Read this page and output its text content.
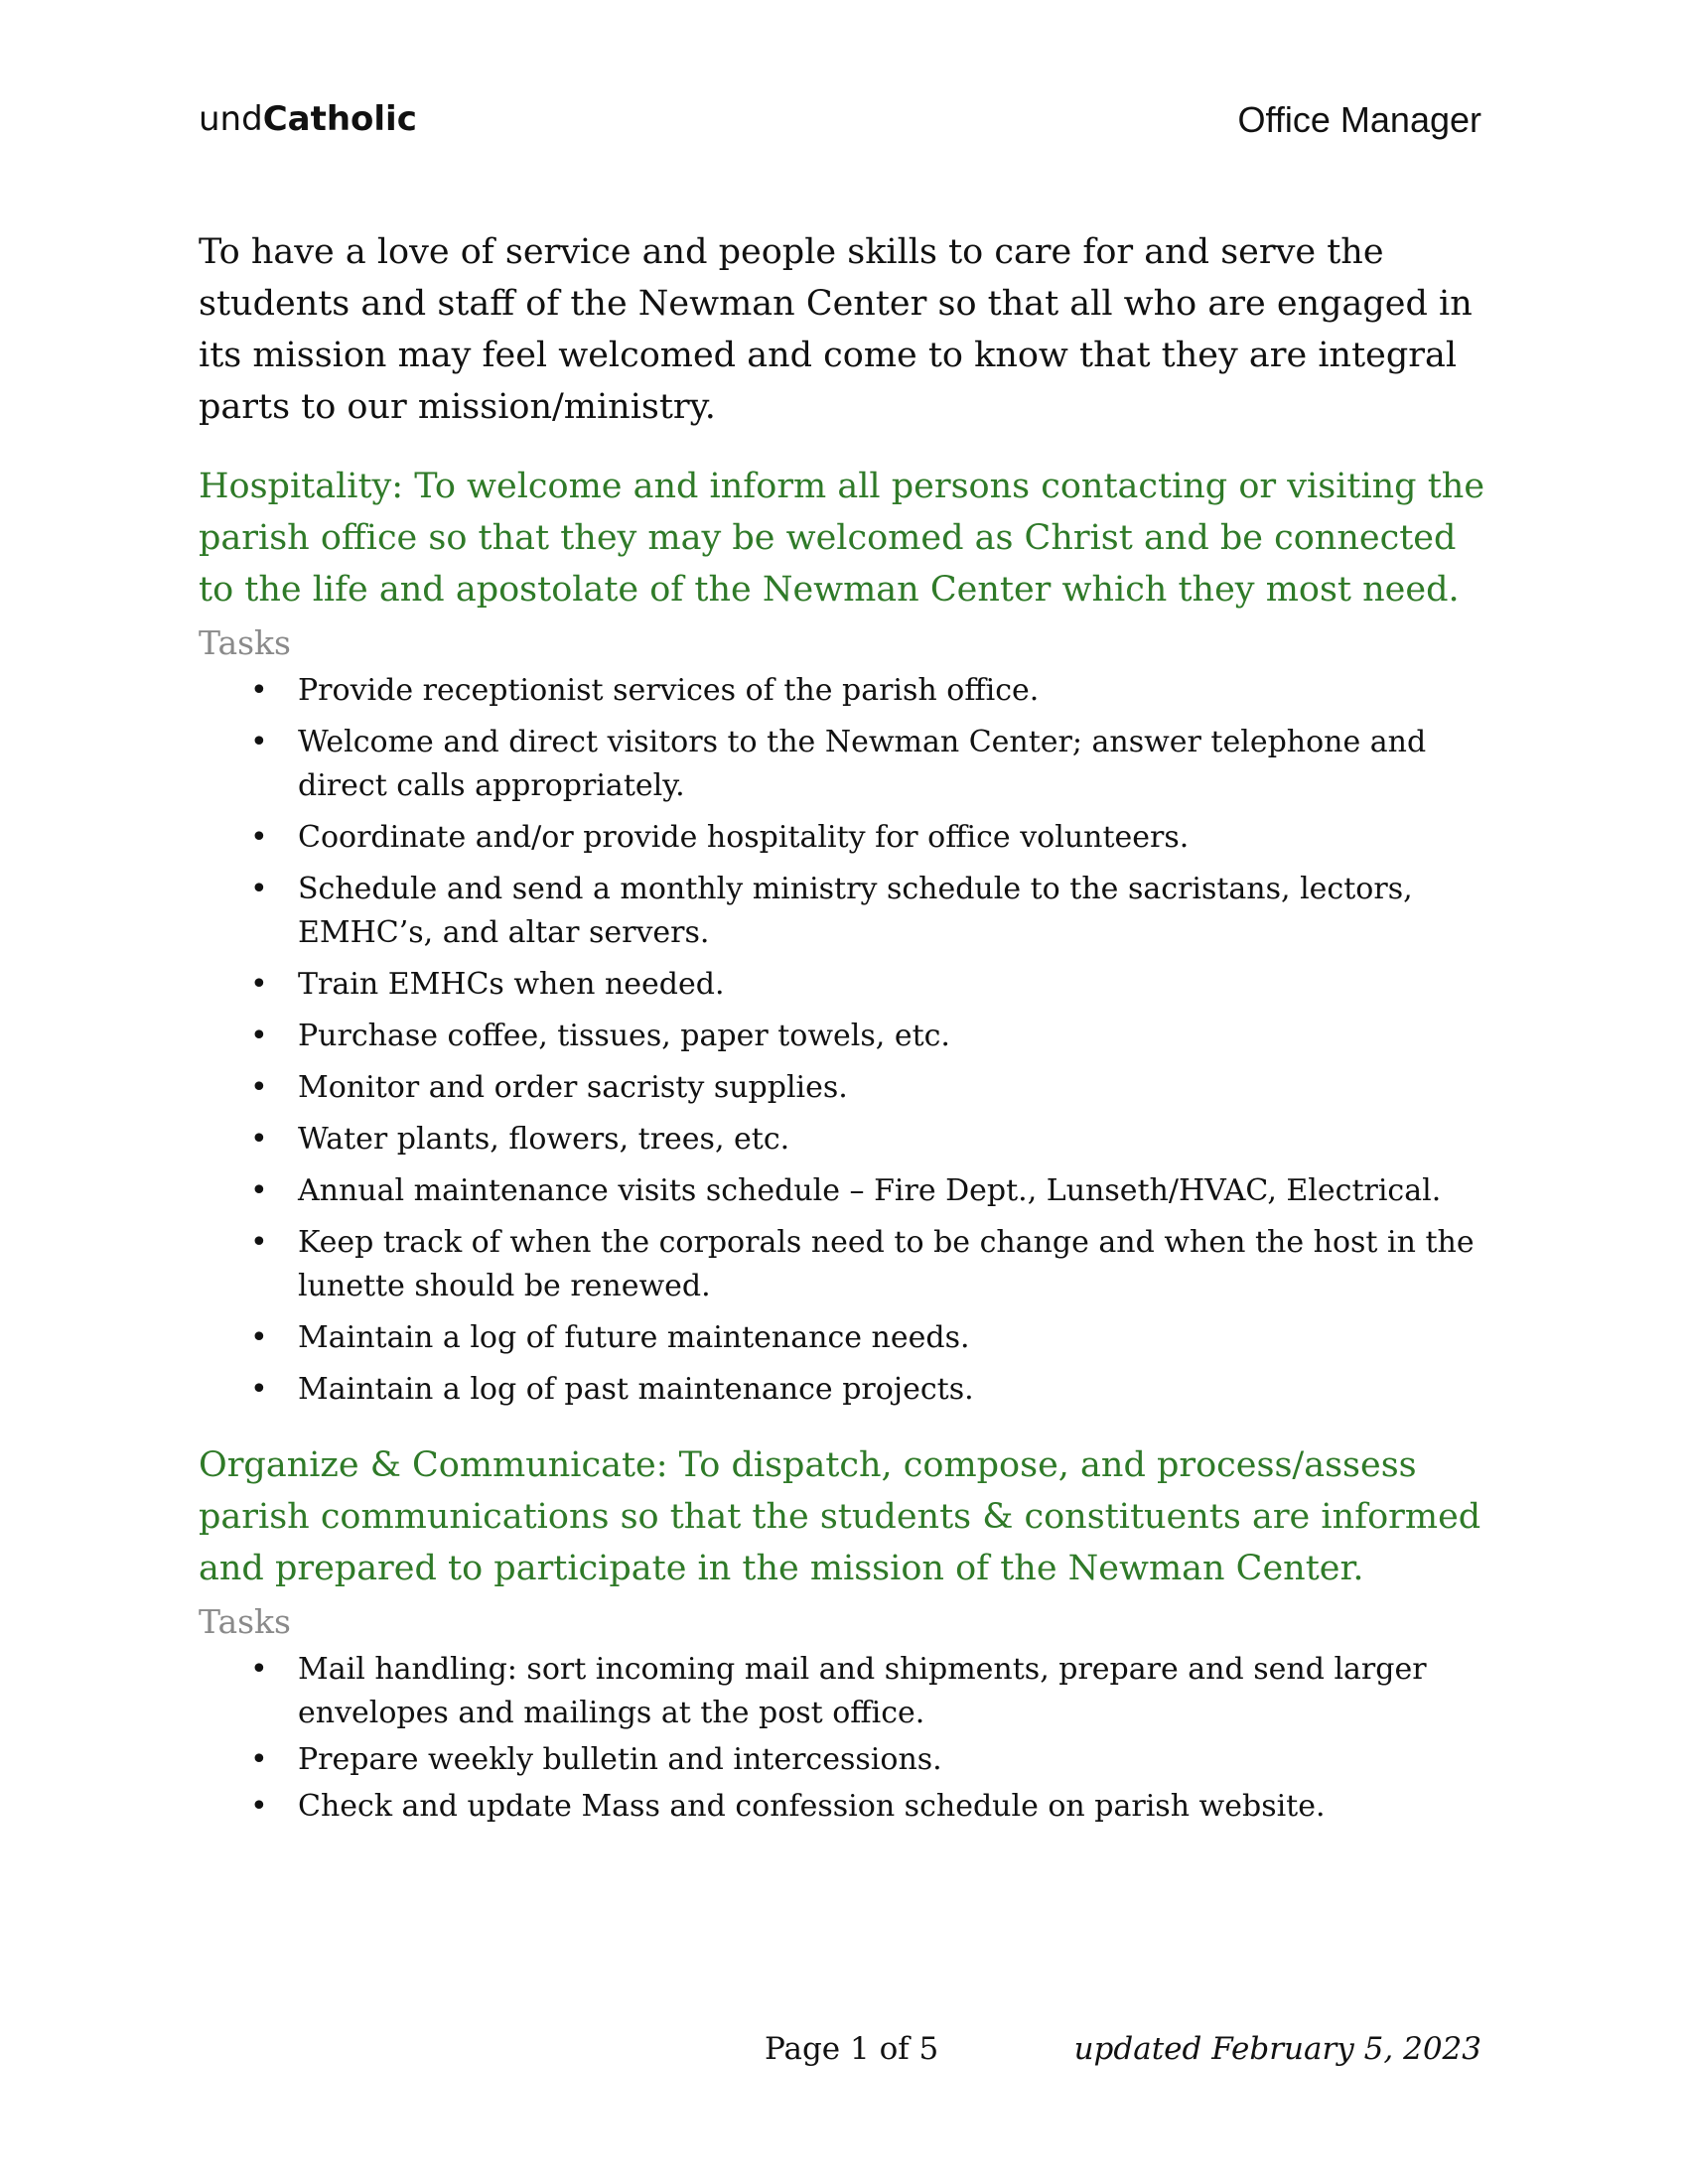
undCatholic	Office Manager

To have a love of service and people skills to care for and serve the students and staff of the Newman Center so that all who are engaged in its mission may feel welcomed and come to know that they are integral parts to our mission/ministry.

Hospitality: To welcome and inform all persons contacting or visiting the parish office so that they may be welcomed as Christ and be connected to the life and apostolate of the Newman Center which they most need.
Tasks
• Provide receptionist services of the parish office.
• Welcome and direct visitors to the Newman Center; answer telephone and direct calls appropriately.
• Coordinate and/or provide hospitality for office volunteers.
• Schedule and send a monthly ministry schedule to the sacristans, lectors, EMHC’s, and altar servers.
• Train EMHCs when needed.
• Purchase coffee, tissues, paper towels, etc.
• Monitor and order sacristy supplies.
• Water plants, flowers, trees, etc.
• Annual maintenance visits schedule – Fire Dept., Lunseth/HVAC, Electrical.
• Keep track of when the corporals need to be change and when the host in the lunette should be renewed.
• Maintain a log of future maintenance needs.
• Maintain a log of past maintenance projects.
Organize & Communicate: To dispatch, compose, and process/assess parish communications so that the students & constituents are informed and prepared to participate in the mission of the Newman Center.
Tasks
• Mail handling: sort incoming mail and shipments, prepare and send larger envelopes and mailings at the post office.
• Prepare weekly bulletin and intercessions.
• Check and update Mass and confession schedule on parish website.
Page 1 of 5	updated February 5, 2023
